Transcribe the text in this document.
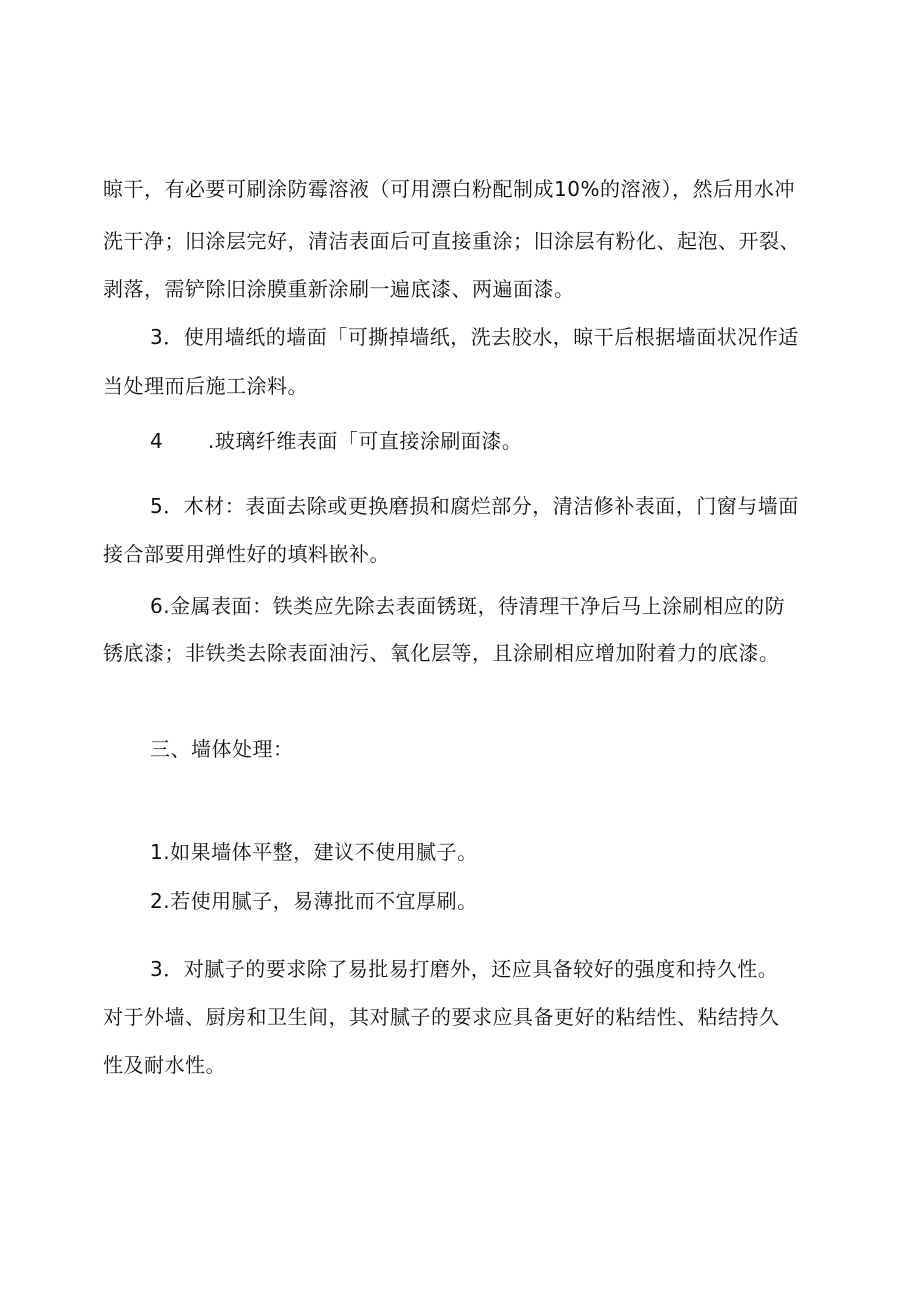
晾干，有必要可刷涂防霉溶液（可用漂白粉配制成10%的溶液），然后用水冲
洗干净；旧涂层完好，清洁表面后可直接重涂；旧涂层有粉化、起泡、开裂、
剥落，需铲除旧涂膜重新涂刷一遍底漆、两遍面漆。
3．使用墙纸的墙面「可撕掉墙纸，洗去胶水，晾干后根据墙面状况作适
当处理而后施工涂料。
4 .玻璃纤维表面「可直接涂刷面漆。
5．木材：表面去除或更换磨损和腐烂部分，清洁修补表面，门窗与墙面
接合部要用弹性好的填料嵌补。
6.金属表面：铁类应先除去表面锈斑，待清理干净后马上涂刷相应的防
锈底漆；非铁类去除表面油污、氧化层等，且涂刷相应增加附着力的底漆。
三、墙体处理：
1.如果墙体平整，建议不使用腻子。
2.若使用腻子，易薄批而不宜厚刷。
3．对腻子的要求除了易批易打磨外，还应具备较好的强度和持久性。
对于外墙、厨房和卫生间，其对腻子的要求应具备更好的粘结性、粘结持久
性及耐水性。
